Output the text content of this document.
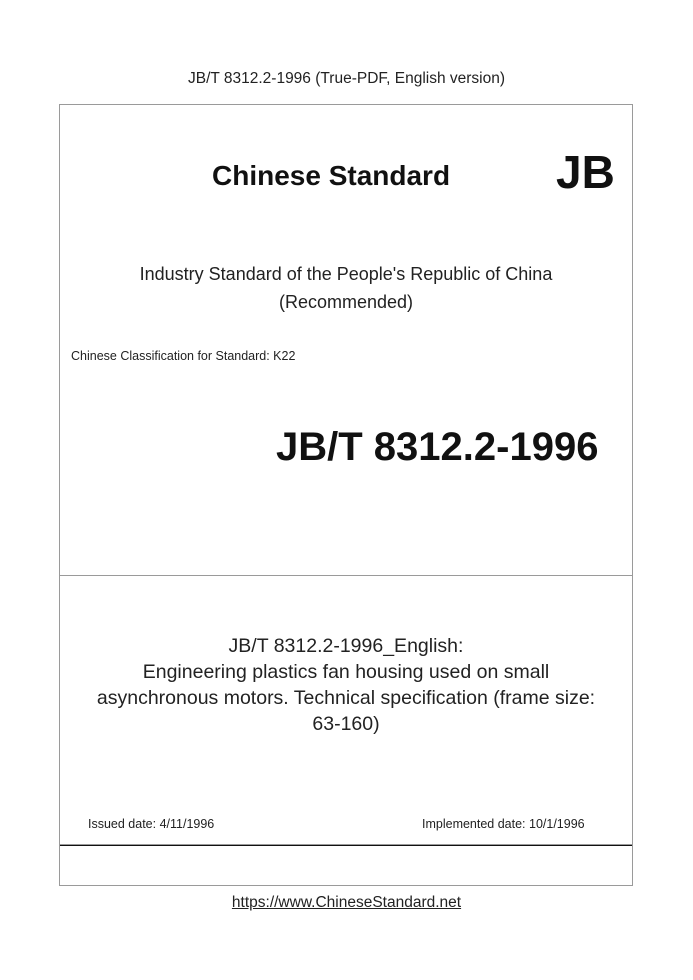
JB/T 8312.2-1996 (True-PDF, English version)
Chinese Standard JB
Industry Standard of the People's Republic of China
(Recommended)
Chinese Classification for Standard: K22
JB/T 8312.2-1996
JB/T 8312.2-1996_English:
Engineering plastics fan housing used on small
asynchronous motors. Technical specification (frame size:
63-160)
Issued date: 4/11/1996	Implemented date: 10/1/1996
https://www.ChineseStandard.net
